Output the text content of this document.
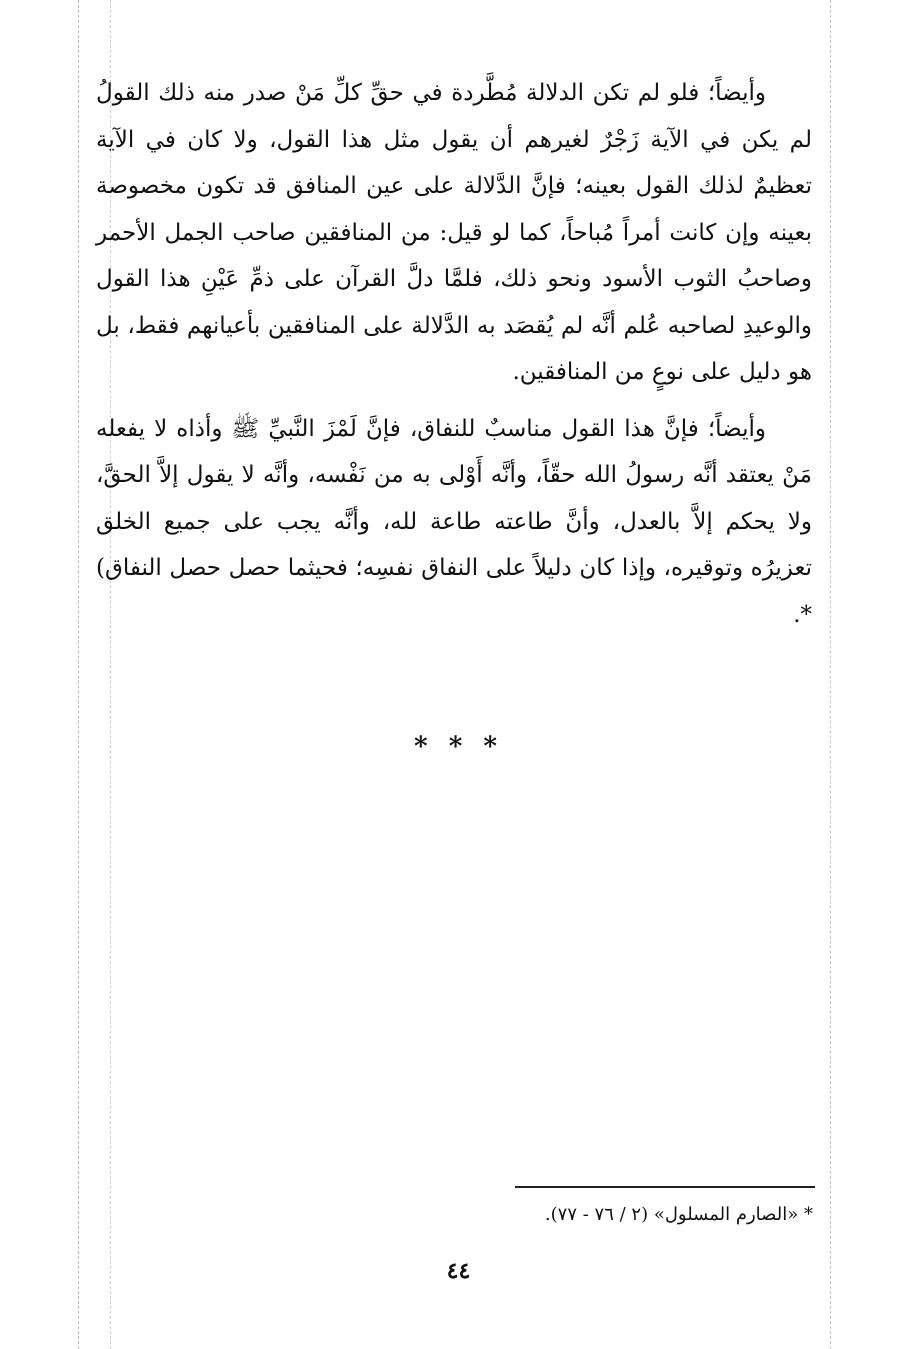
وأيضاً؛ فلو لم تكن الدلالة مُطَّردة في حقِّ كلِّ مَنْ صدر منه ذلك القولُ لم يكن في الآية زَجْرٌ لغيرهم أن يقول مثل هذا القول، ولا كان في الآية تعظيمٌ لذلك القول بعينه؛ فإنَّ الدَّلالة على عين المنافق قد تكون مخصوصة بعينه وإن كانت أمراً مُباحاً، كما لو قيل: من المنافقين صاحب الجمل الأحمر وصاحبُ الثوب الأسود ونحو ذلك، فلمَّا دلَّ القرآن على ذمِّ عَيْنِ هذا القول والوعيدِ لصاحبه عُلم أنَّه لم يُقصَد به الدَّلالة على المنافقين بأعيانهم فقط، بل هو دليل على نوعٍ من المنافقين.

وأيضاً؛ فإنَّ هذا القول مناسبٌ للنفاق، فإنَّ لَمْزَ النَّبيِّ ﷺ وأذاه لا يفعله مَنْ يعتقد أنَّه رسولُ الله حقّاً، وأنَّه أَوْلى به من نَفْسه، وأنَّه لا يقول إلاَّ الحقَّ، ولا يحكم إلاَّ بالعدل، وأنَّ طاعته طاعة لله، وأنَّه يجب على جميع الخلق تعزيرُه وتوقيره، وإذا كان دليلاً على النفاق نفسِه؛ فحيثما حصل حصل النفاق) *.

* * *
* «الصارم المسلول» (٢ / ٧٦ - ٧٧).
٤٤
